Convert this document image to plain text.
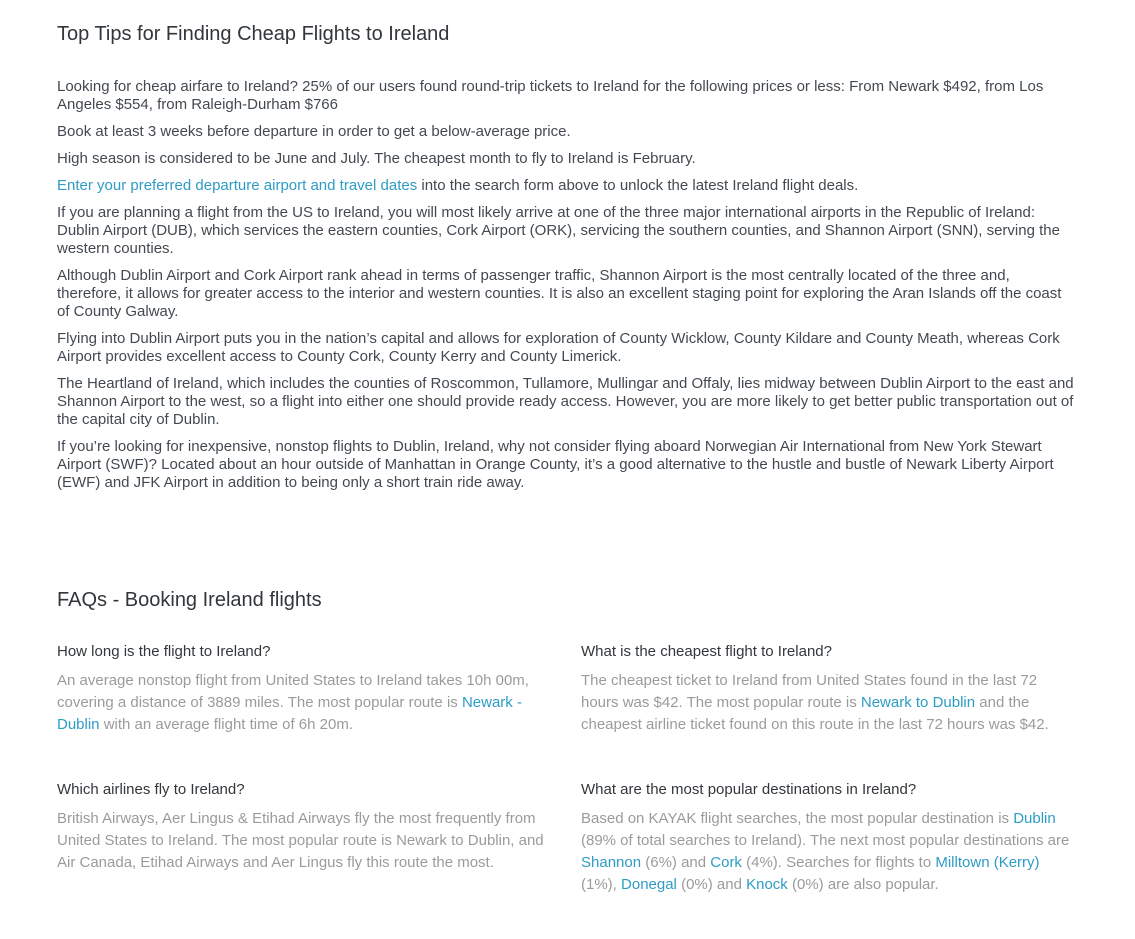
Top Tips for Finding Cheap Flights to Ireland

Looking for cheap airfare to Ireland? 25% of our users found round-trip tickets to Ireland for the following prices or less: From Newark $492, from Los Angeles $554, from Raleigh-Durham $766

Book at least 3 weeks before departure in order to get a below-average price.

High season is considered to be June and July. The cheapest month to fly to Ireland is February.

Enter your preferred departure airport and travel dates into the search form above to unlock the latest Ireland flight deals.

If you are planning a flight from the US to Ireland, you will most likely arrive at one of the three major international airports in the Republic of Ireland: Dublin Airport (DUB), which services the eastern counties, Cork Airport (ORK), servicing the southern counties, and Shannon Airport (SNN), serving the western counties.

Although Dublin Airport and Cork Airport rank ahead in terms of passenger traffic, Shannon Airport is the most centrally located of the three and, therefore, it allows for greater access to the interior and western counties. It is also an excellent staging point for exploring the Aran Islands off the coast of County Galway.

Flying into Dublin Airport puts you in the nation’s capital and allows for exploration of County Wicklow, County Kildare and County Meath, whereas Cork Airport provides excellent access to County Cork, County Kerry and County Limerick.

The Heartland of Ireland, which includes the counties of Roscommon, Tullamore, Mullingar and Offaly, lies midway between Dublin Airport to the east and Shannon Airport to the west, so a flight into either one should provide ready access. However, you are more likely to get better public transportation out of the capital city of Dublin.

If you’re looking for inexpensive, nonstop flights to Dublin, Ireland, why not consider flying aboard Norwegian Air International from New York Stewart Airport (SWF)? Located about an hour outside of Manhattan in Orange County, it’s a good alternative to the hustle and bustle of Newark Liberty Airport (EWF) and JFK Airport in addition to being only a short train ride away.

FAQs - Booking Ireland flights
How long is the flight to Ireland?

An average nonstop flight from United States to Ireland takes 10h 00m, covering a distance of 3889 miles. The most popular route is Newark - Dublin with an average flight time of 6h 20m.

What is the cheapest flight to Ireland?

The cheapest ticket to Ireland from United States found in the last 72 hours was $42. The most popular route is Newark to Dublin and the cheapest airline ticket found on this route in the last 72 hours was $42.

Which airlines fly to Ireland?

British Airways, Aer Lingus & Etihad Airways fly the most frequently from United States to Ireland. The most popular route is Newark to Dublin, and Air Canada, Etihad Airways and Aer Lingus fly this route the most.

What are the most popular destinations in Ireland?

Based on KAYAK flight searches, the most popular destination is Dublin (89% of total searches to Ireland). The next most popular destinations are Shannon (6%) and Cork (4%). Searches for flights to Milltown (Kerry) (1%), Donegal (0%) and Knock (0%) are also popular.
